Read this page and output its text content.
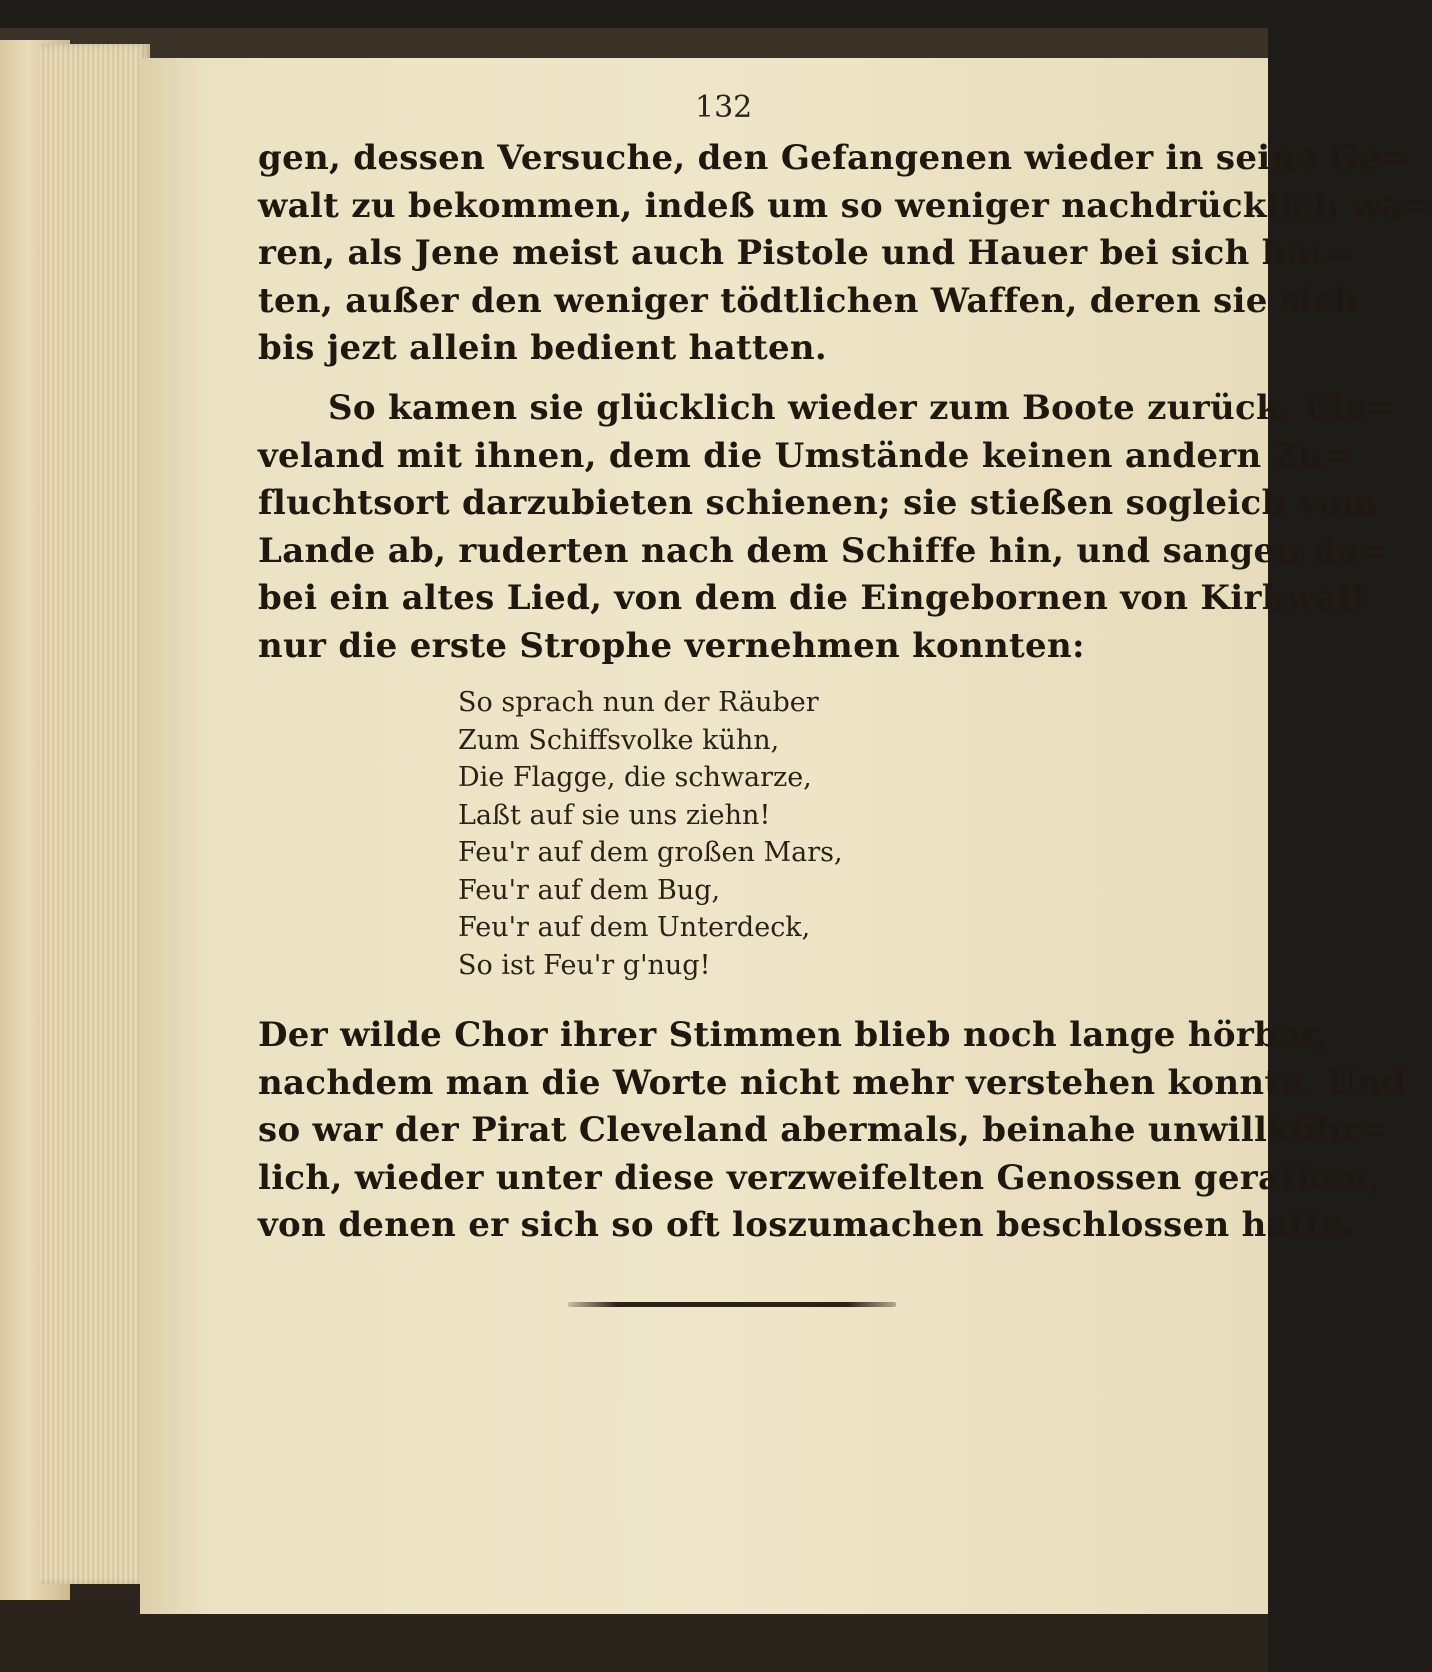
132
gen, dessen Versuche, den Gefangenen wieder in seine Ge=
walt zu bekommen, indeß um so weniger nachdrücklich wa=
ren, als Jene meist auch Pistole und Hauer bei sich hat=
ten, außer den weniger tödtlichen Waffen, deren sie sich
bis jezt allein bedient hatten.
So kamen sie glücklich wieder zum Boote zurück, Cle=
veland mit ihnen, dem die Umstände keinen andern Zu=
fluchtsort darzubieten schienen; sie stießen sogleich vom
Lande ab, ruderten nach dem Schiffe hin, und sangen da=
bei ein altes Lied, von dem die Eingebornen von Kirkwall
nur die erste Strophe vernehmen konnten:
So sprach nun der Räuber
Zum Schiffsvolke kühn,
Die Flagge, die schwarze,
Laßt auf sie uns ziehn!
Feu'r auf dem großen Mars,
Feu'r auf dem Bug,
Feu'r auf dem Unterdeck,
So ist Feu'r g'nug!
Der wilde Chor ihrer Stimmen blieb noch lange hörbar,
nachdem man die Worte nicht mehr verstehen konnte. Und
so war der Pirat Cleveland abermals, beinahe unwillkühr=
lich, wieder unter diese verzweifelten Genossen gerathen,
von denen er sich so oft loszumachen beschlossen hatte.
